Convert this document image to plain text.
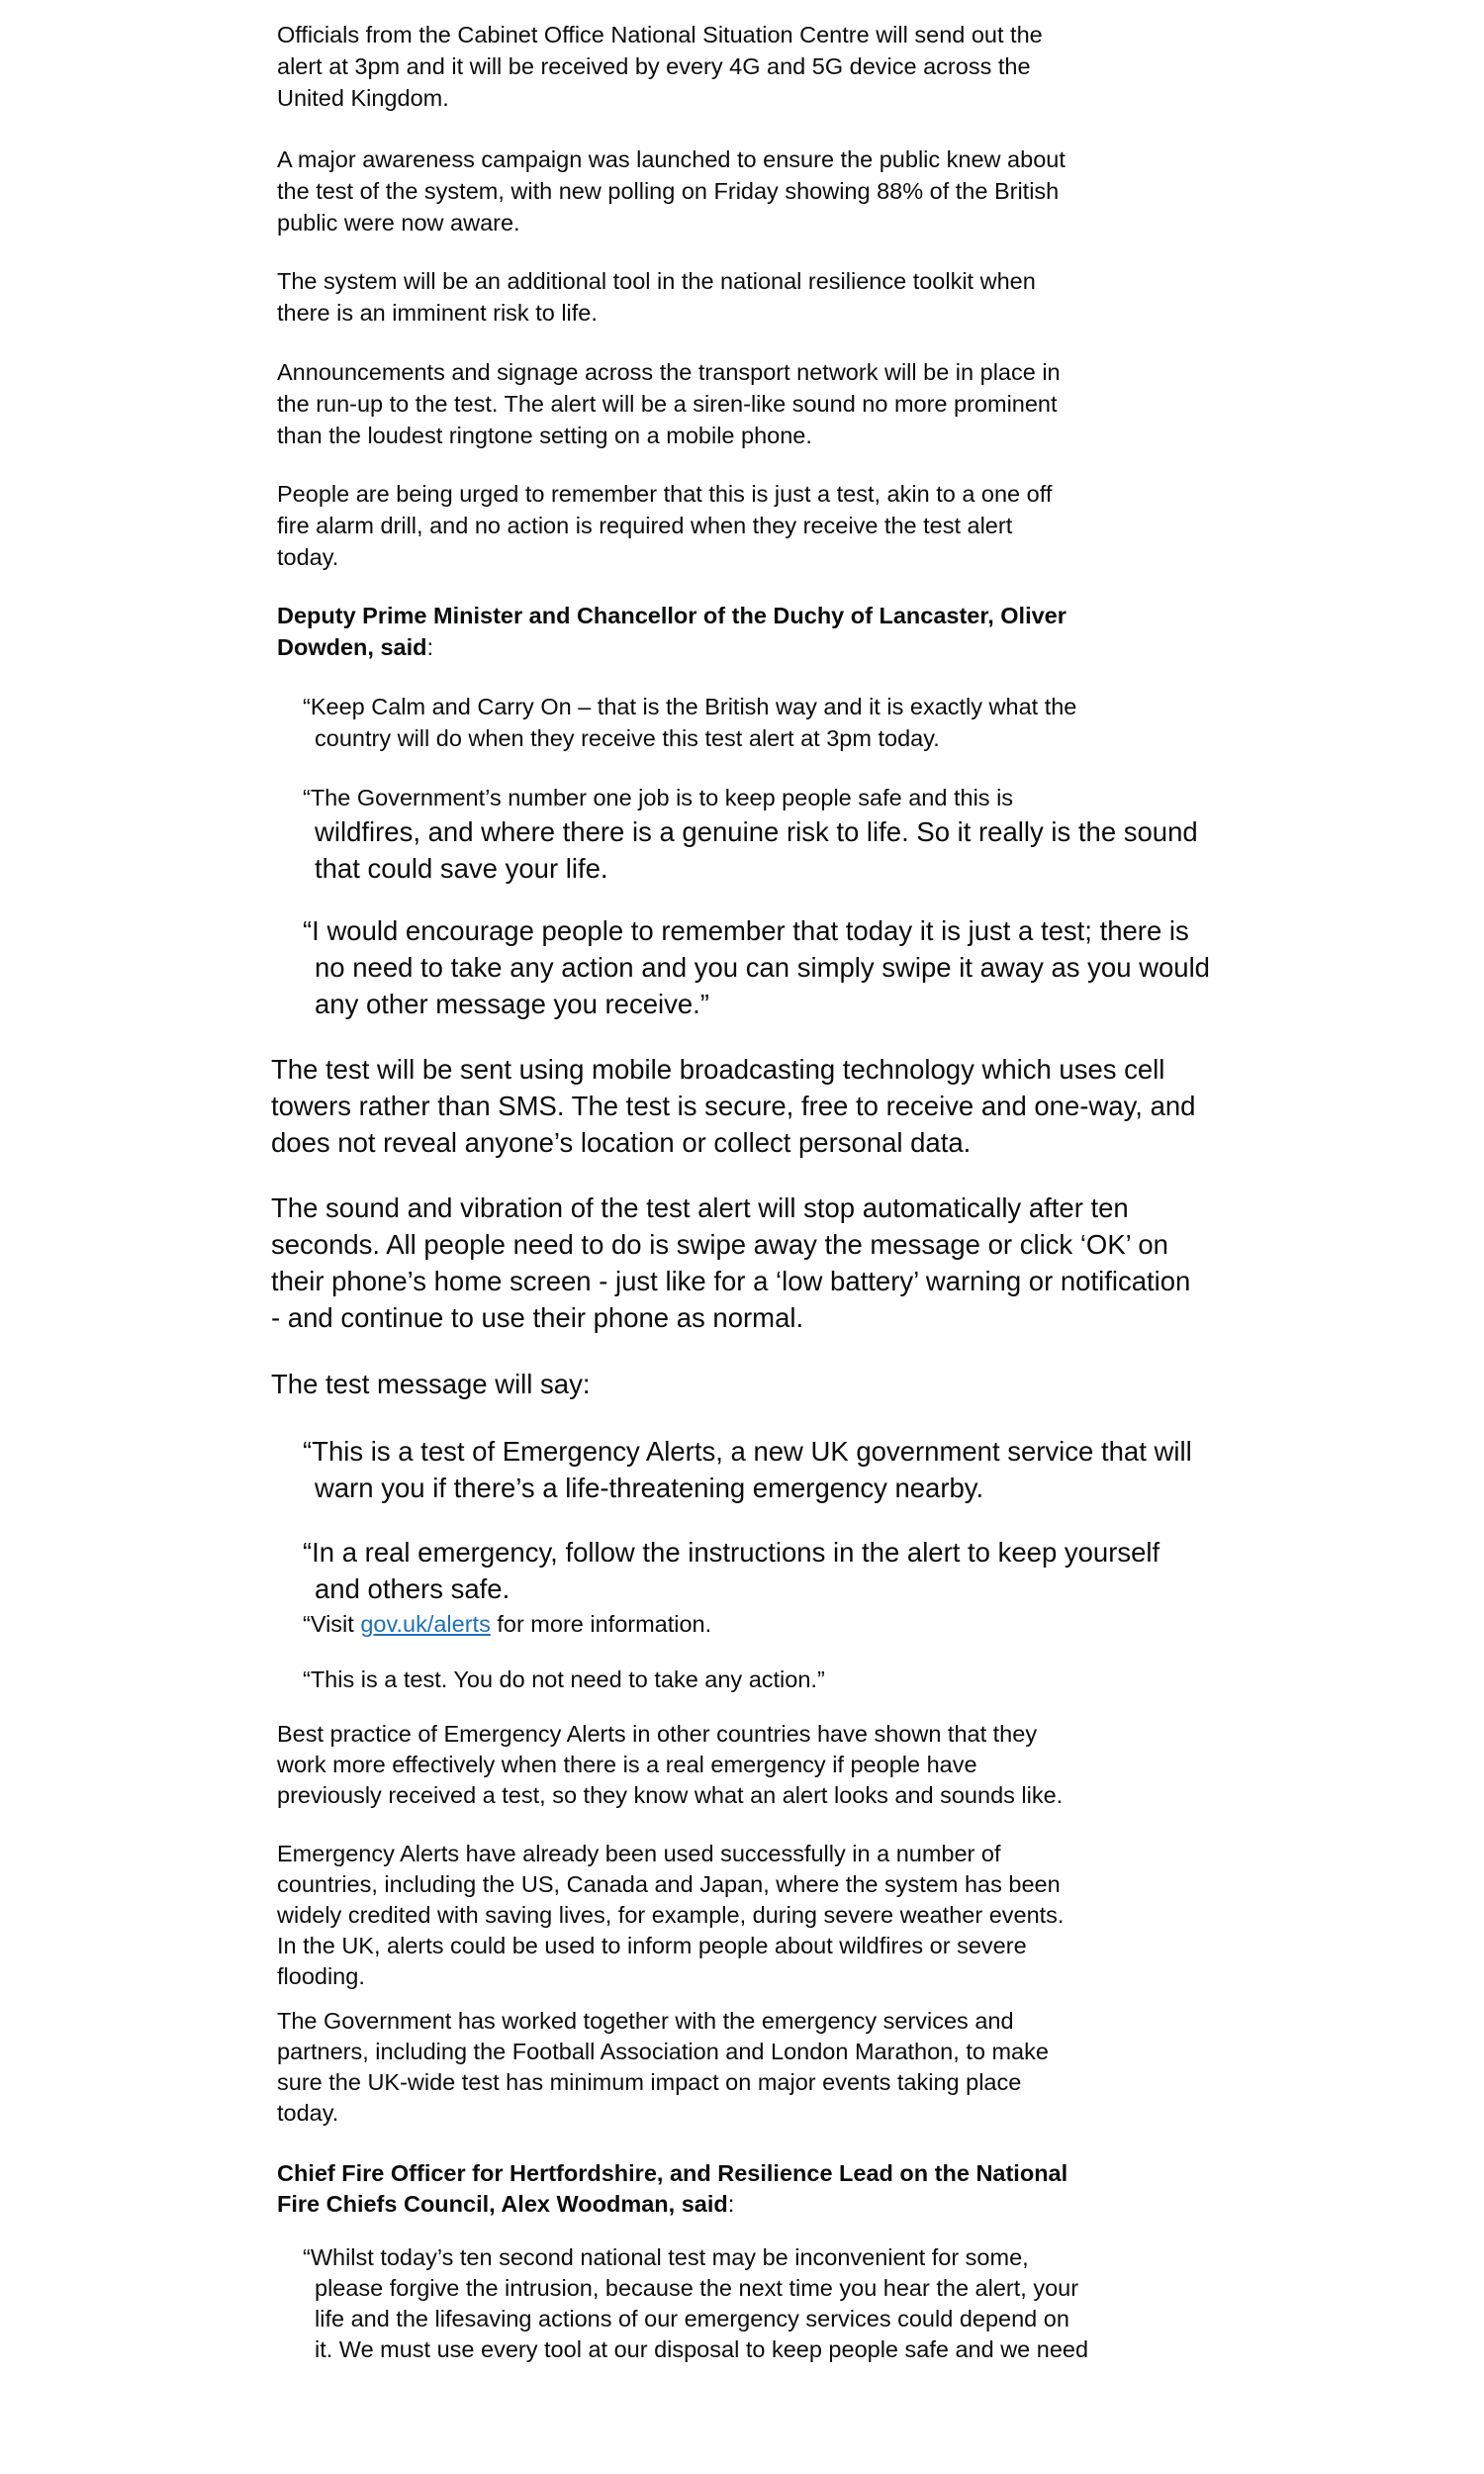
Officials from the Cabinet Office National Situation Centre will send out the
alert at 3pm and it will be received by every 4G and 5G device across the
United Kingdom.

A major awareness campaign was launched to ensure the public knew about
the test of the system, with new polling on Friday showing 88% of the British
public were now aware.

The system will be an additional tool in the national resilience toolkit when
there is an imminent risk to life.

Announcements and signage across the transport network will be in place in
the run-up to the test. The alert will be a siren-like sound no more prominent
than the loudest ringtone setting on a mobile phone.

People are being urged to remember that this is just a test, akin to a one off
fire alarm drill, and no action is required when they receive the test alert
today.

Deputy Prime Minister and Chancellor of the Duchy of Lancaster, Oliver
Dowden, said:

“Keep Calm and Carry On – that is the British way and it is exactly what the
country will do when they receive this test alert at 3pm today.
“The Government’s number one job is to keep people safe and this is
wildfires, and where there is a genuine risk to life. So it really is the sound
that could save your life.
“I would encourage people to remember that today it is just a test; there is
no need to take any action and you can simply swipe it away as you would
any other message you receive.”

The test will be sent using mobile broadcasting technology which uses cell
towers rather than SMS. The test is secure, free to receive and one-way, and
does not reveal anyone’s location or collect personal data.

The sound and vibration of the test alert will stop automatically after ten
seconds. All people need to do is swipe away the message or click ‘OK’ on
their phone’s home screen - just like for a ‘low battery’ warning or notification
- and continue to use their phone as normal.

The test message will say:

“This is a test of Emergency Alerts, a new UK government service that will
warn you if there’s a life-threatening emergency nearby.
“In a real emergency, follow the instructions in the alert to keep yourself
and others safe.
“Visit gov.uk/alerts for more information.
“This is a test. You do not need to take any action.”

Best practice of Emergency Alerts in other countries have shown that they
work more effectively when there is a real emergency if people have
previously received a test, so they know what an alert looks and sounds like.

Emergency Alerts have already been used successfully in a number of
countries, including the US, Canada and Japan, where the system has been
widely credited with saving lives, for example, during severe weather events.
In the UK, alerts could be used to inform people about wildfires or severe
flooding.

The Government has worked together with the emergency services and
partners, including the Football Association and London Marathon, to make
sure the UK-wide test has minimum impact on major events taking place
today.

Chief Fire Officer for Hertfordshire, and Resilience Lead on the National
Fire Chiefs Council, Alex Woodman, said:

“Whilst today’s ten second national test may be inconvenient for some,
please forgive the intrusion, because the next time you hear the alert, your
life and the lifesaving actions of our emergency services could depend on
it. We must use every tool at our disposal to keep people safe and we need
